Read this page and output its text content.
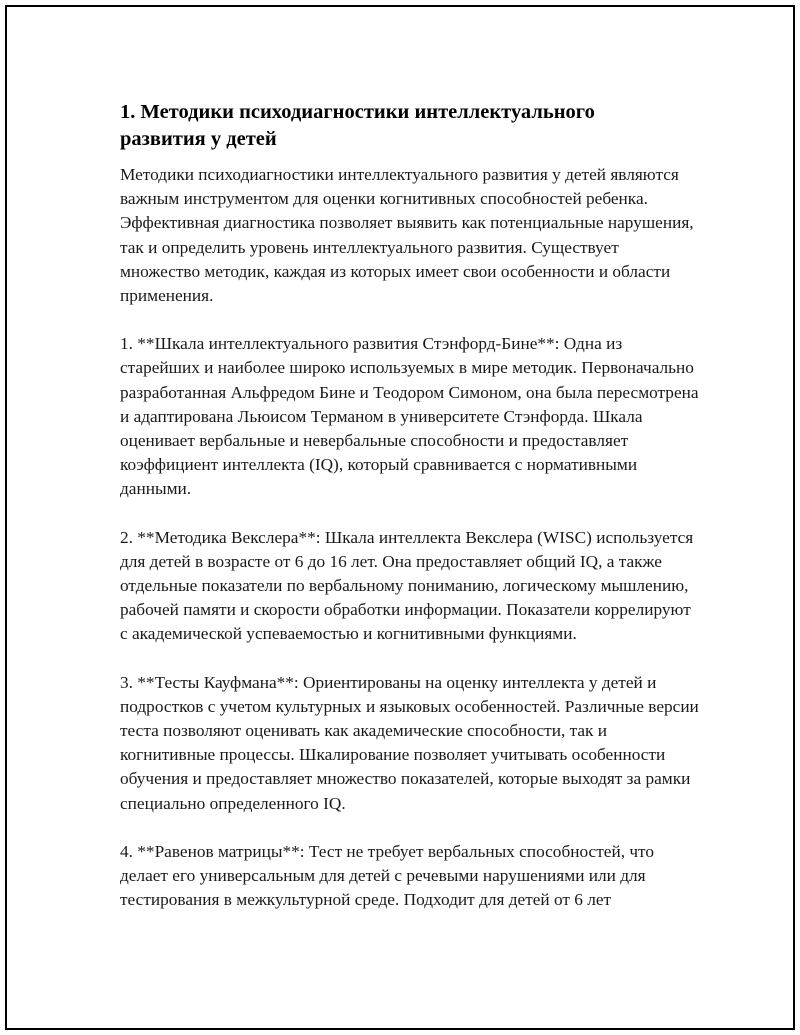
1. Методики психодиагностики интеллектуального
развития у детей

Методики психодиагностики интеллектуального развития у детей являются важным инструментом для оценки когнитивных способностей ребенка. Эффективная диагностика позволяет выявить как потенциальные нарушения, так и определить уровень интеллектуального развития. Существует множество методик, каждая из которых имеет свои особенности и области применения.

1. **Шкала интеллектуального развития Стэнфорд-Бине**: Одна из старейших и наиболее широко используемых в мире методик. Первоначально разработанная Альфредом Бине и Теодором Симоном, она была пересмотрена и адаптирована Льюисом Терманом в университете Стэнфорда. Шкала оценивает вербальные и невербальные способности и предоставляет коэффициент интеллекта (IQ), который сравнивается с нормативными данными.

2. **Методика Векслера**: Шкала интеллекта Векслера (WISC) используется для детей в возрасте от 6 до 16 лет. Она предоставляет общий IQ, а также отдельные показатели по вербальному пониманию, логическому мышлению, рабочей памяти и скорости обработки информации. Показатели коррелируют с академической успеваемостью и когнитивными функциями.

3. **Тесты Кауфмана**: Ориентированы на оценку интеллекта у детей и подростков с учетом культурных и языковых особенностей. Различные версии теста позволяют оценивать как академические способности, так и когнитивные процессы. Шкалирование позволяет учитывать особенности обучения и предоставляет множество показателей, которые выходят за рамки специально определенного IQ.

4. **Равенов матрицы**: Тест не требует вербальных способностей, что делает его универсальным для детей с речевыми нарушениями или для тестирования в межкультурной среде. Подходит для детей от 6 лет
